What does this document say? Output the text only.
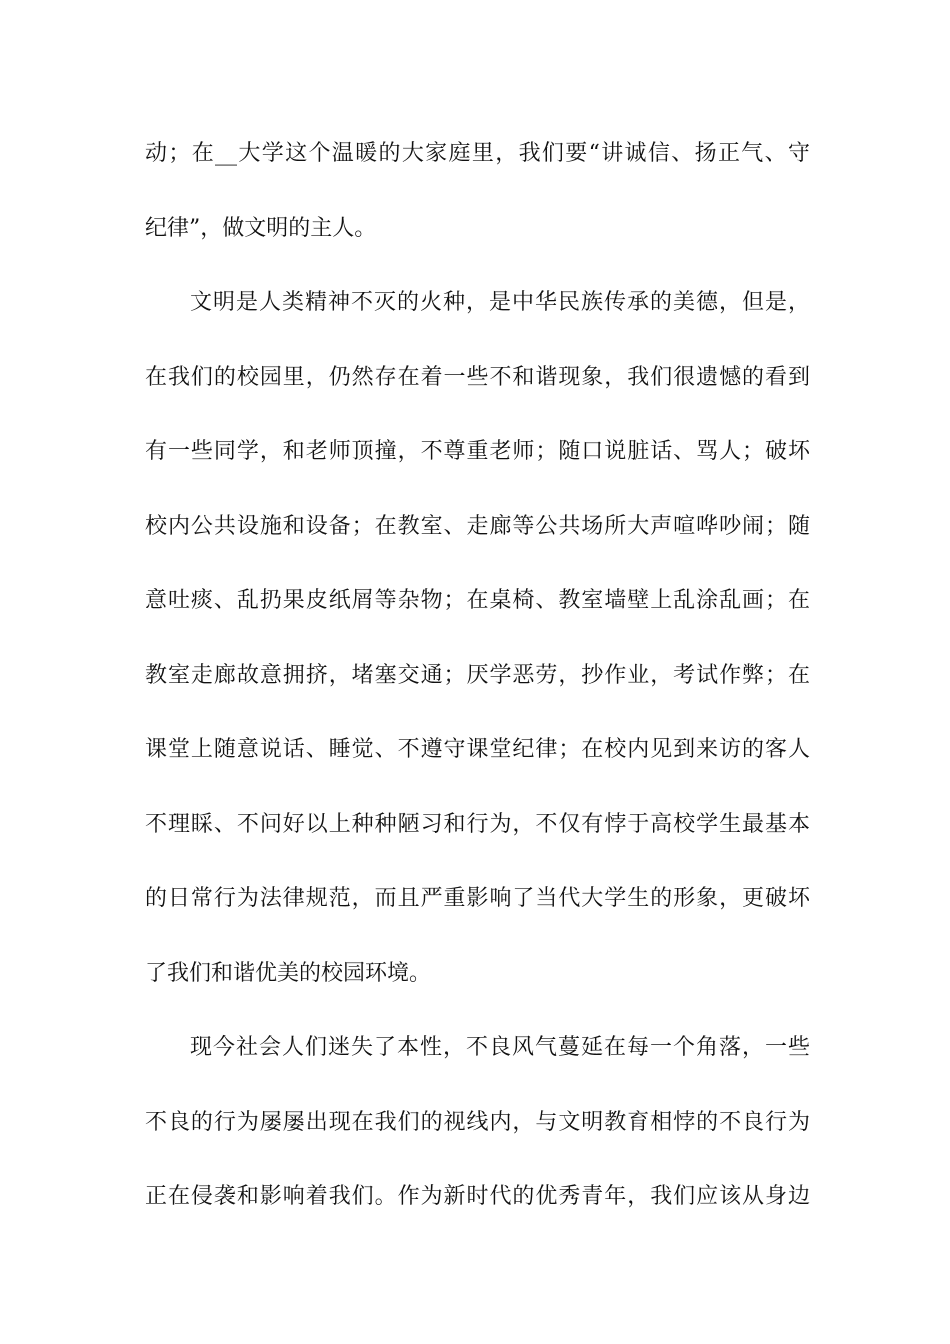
动；在__大学这个温暖的大家庭里，我们要“讲诚信、扬正气、守
纪律”，做文明的主人。
文明是人类精神不灭的火种，是中华民族传承的美德，但是，
在我们的校园里，仍然存在着一些不和谐现象，我们很遗憾的看到
有一些同学，和老师顶撞，不尊重老师；随口说脏话、骂人；破坏
校内公共设施和设备；在教室、走廊等公共场所大声喧哗吵闹；随
意吐痰、乱扔果皮纸屑等杂物；在桌椅、教室墙壁上乱涂乱画；在
教室走廊故意拥挤，堵塞交通；厌学恶劳，抄作业，考试作弊；在
课堂上随意说话、睡觉、不遵守课堂纪律；在校内见到来访的客人
不理睬、不问好以上种种陋习和行为，不仅有悖于高校学生最基本
的日常行为法律规范，而且严重影响了当代大学生的形象，更破坏
了我们和谐优美的校园环境。
现今社会人们迷失了本性，不良风气蔓延在每一个角落，一些
不良的行为屡屡出现在我们的视线内，与文明教育相悖的不良行为
正在侵袭和影响着我们。作为新时代的优秀青年，我们应该从身边
